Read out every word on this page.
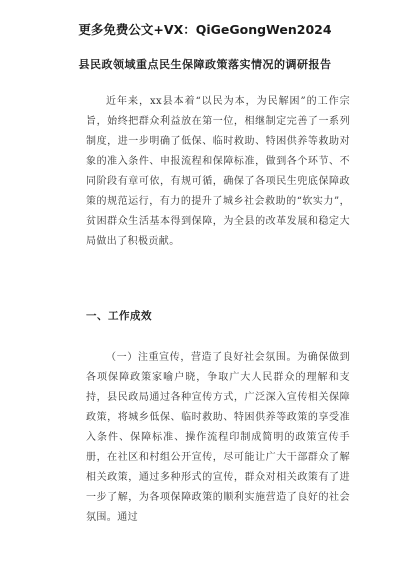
更多免费公文+VX：QiGeGongWen2024
县民政领域重点民生保障政策落实情况的调研报告

近年来，xx县本着“以民为本，为民解困”的工作宗旨，始终把群众利益放在第一位，相继制定完善了一系列制度，进一步明确了低保、临时救助、特困供养等救助对象的准入条件、申报流程和保障标准，做到各个环节、不同阶段有章可依，有规可循，确保了各项民生兜底保障政策的规范运行，有力的提升了城乡社会救助的“软实力”，贫困群众生活基本得到保障，为全县的改革发展和稳定大局做出了积极贡献。

一、工作成效

（一）注重宣传，营造了良好社会氛围。为确保做到各项保障政策家喻户晓，争取广大人民群众的理解和支持，县民政局通过各种宣传方式，广泛深入宣传相关保障政策，将城乡低保、临时救助、特困供养等政策的享受准入条件、保障标准、操作流程印制成简明的政策宣传手册，在社区和村组公开宣传，尽可能让广大干部群众了解相关政策，通过多种形式的宣传，群众对相关政策有了进一步了解，为各项保障政策的顺利实施营造了良好的社会氛围。通过
